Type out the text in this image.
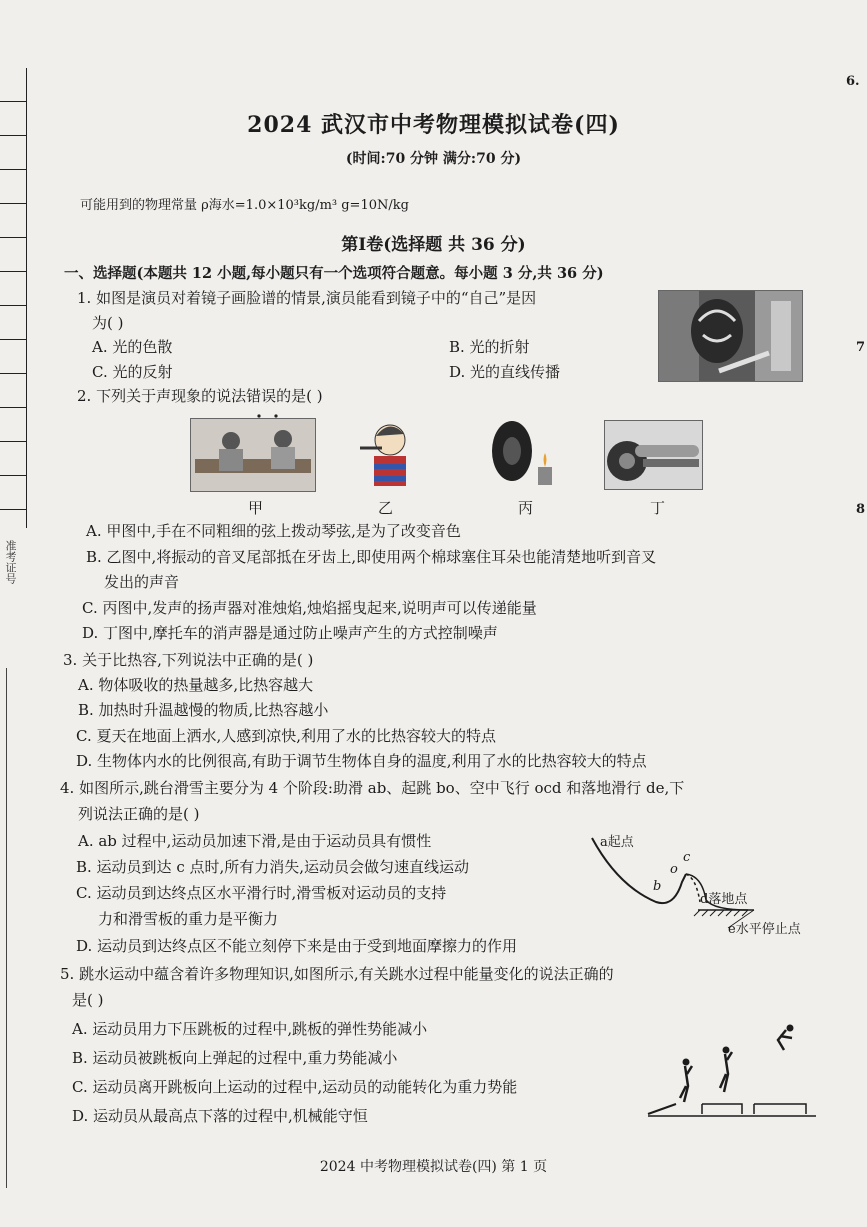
准考证号
6.
7
8
2024 武汉市中考物理模拟试卷(四)
(时间:70 分钟 满分:70 分)
可能用到的物理常量 ρ海水=1.0×10³kg/m³ g=10N/kg
第Ⅰ卷(选择题 共 36 分)
一、选择题(本题共 12 小题,每小题只有一个选项符合题意。每小题 3 分,共 36 分)
1. 如图是演员对着镜子画脸谱的情景,演员能看到镜子中的“自己”是因
为( )
A. 光的色散	B. 光的折射
C. 光的反射	D. 光的直线传播
2. 下列关于声现象的说法错误的是( )
甲	乙	丙	丁
A. 甲图中,手在不同粗细的弦上拨动琴弦,是为了改变音色
B. 乙图中,将振动的音叉尾部抵在牙齿上,即使用两个棉球塞住耳朵也能清楚地听到音叉
发出的声音
C. 丙图中,发声的扬声器对准烛焰,烛焰摇曳起来,说明声可以传递能量
D. 丁图中,摩托车的消声器是通过防止噪声产生的方式控制噪声
3. 关于比热容,下列说法中正确的是( )
A. 物体吸收的热量越多,比热容越大
B. 加热时升温越慢的物质,比热容越小
C. 夏天在地面上洒水,人感到凉快,利用了水的比热容较大的特点
D. 生物体内水的比例很高,有助于调节生物体自身的温度,利用了水的比热容较大的特点
4. 如图所示,跳台滑雪主要分为 4 个阶段:助滑 ab、起跳 bo、空中飞行 ocd 和落地滑行 de,下
列说法正确的是( )
A. ab 过程中,运动员加速下滑,是由于运动员具有惯性
B. 运动员到达 c 点时,所有力消失,运动员会做匀速直线运动
C. 运动员到达终点区水平滑行时,滑雪板对运动员的支持
力和滑雪板的重力是平衡力
D. 运动员到达终点区不能立刻停下来是由于受到地面摩擦力的作用
a起点
b
o
c
d落地点
e水平停止点
5. 跳水运动中蕴含着许多物理知识,如图所示,有关跳水过程中能量变化的说法正确的
是( )
A. 运动员用力下压跳板的过程中,跳板的弹性势能减小
B. 运动员被跳板向上弹起的过程中,重力势能减小
C. 运动员离开跳板向上运动的过程中,运动员的动能转化为重力势能
D. 运动员从最高点下落的过程中,机械能守恒
2024 中考物理模拟试卷(四) 第 1 页
